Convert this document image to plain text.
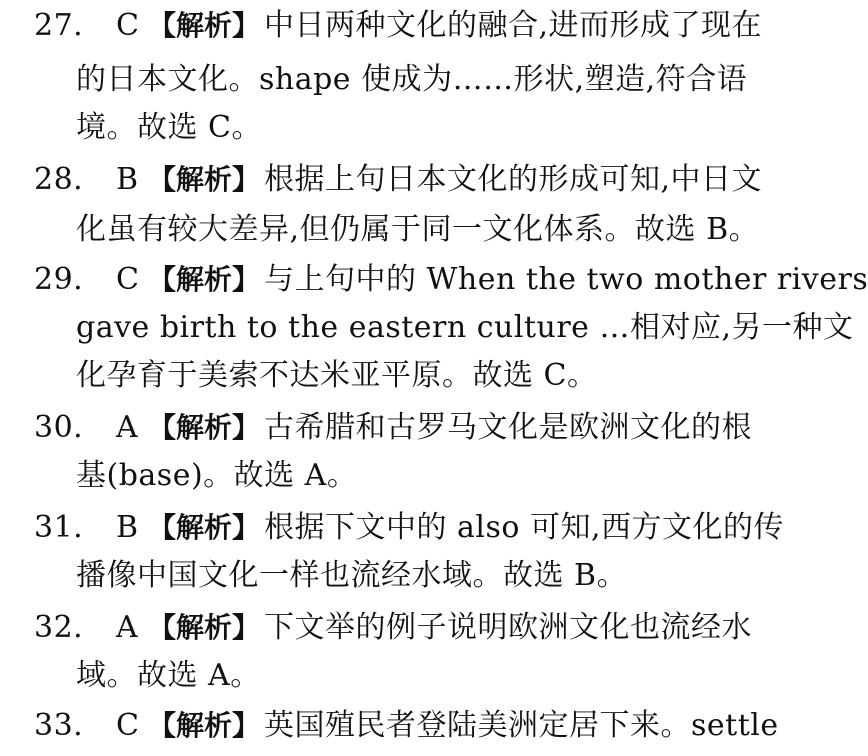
27. C 【解析】 中日两种文化的融合,进而形成了现在
的日本文化。shape 使成为……形状,塑造,符合语
境。故选 C。
28. B 【解析】 根据上句日本文化的形成可知,中日文
化虽有较大差异,但仍属于同一文化体系。故选 B。
29. C 【解析】 与上句中的 When the two mother rivers
gave birth to the eastern culture …相对应,另一种文
化孕育于美索不达米亚平原。故选 C。
30. A 【解析】 古希腊和古罗马文化是欧洲文化的根
基(base)。故选 A。
31. B 【解析】 根据下文中的 also 可知,西方文化的传
播像中国文化一样也流经水域。故选 B。
32. A 【解析】 下文举的例子说明欧洲文化也流经水
域。故选 A。
33. C 【解析】 英国殖民者登陆美洲定居下来。settle
